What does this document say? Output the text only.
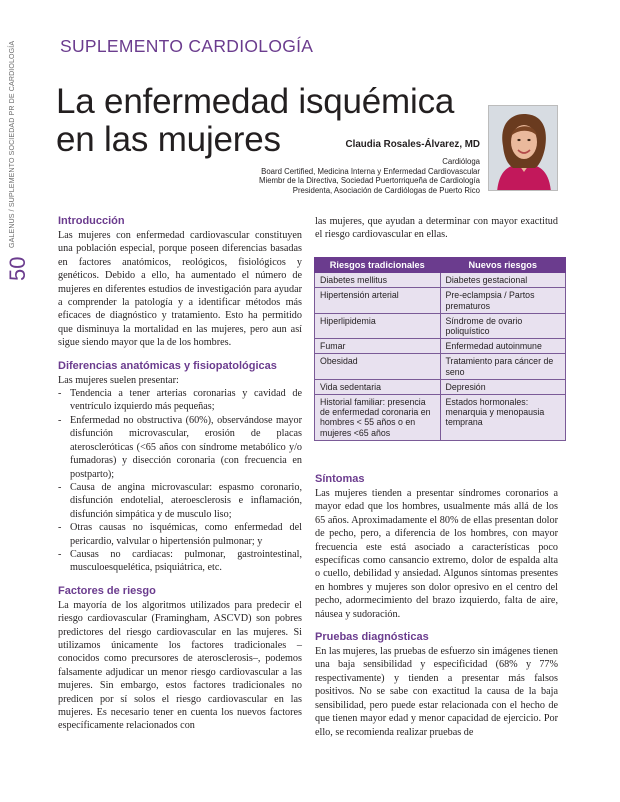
GALENUS / SUPLEMENTO SOCIEDAD PR DE CARDIOLOGÍA
50
SUPLEMENTO CARDIOLOGÍA
La enfermedad isquémica
en las mujeres	Claudia Rosales-Álvarez, MD
Cardióloga
Board Certified, Medicina Interna y Enfermedad Cardiovascular
Miembr de la Directiva, Sociedad Puertorriqueña de Cardiología
Presidenta, Asociación de Cardiólogas de Puerto Rico
Introducción

Las mujeres con enfermedad cardiovascular constituyen una población especial, porque poseen diferencias basadas en factores anatómicos, reológicos, fisiológicos y genéticos. Debido a ello, ha aumentado el número de mujeres en diferentes estudios de investigación para ayudar a comprender la patología y a identificar métodos más eficaces de diagnóstico y tratamiento. Esto ha permitido que disminuya la mortalidad en las mujeres, pero aun así sigue siendo mayor que la de los hombres.

Diferencias anatómicas y fisiopatológicas

Las mujeres suelen presentar:

- Tendencia a tener arterias coronarias y cavidad de ventrículo izquierdo más pequeñas;
- Enfermedad no obstructiva (60%), observándose mayor disfunción microvascular, erosión de placas ateroscleróticas (<65 años con síndrome metabólico y/o fumadoras) y disección coronaria (con frecuencia en postparto);
- Causa de angina microvascular: espasmo coronario, disfunción endotelial, ateroesclerosis e inflamación, disfunción simpática y de musculo liso;
- Otras causas no isquémicas, como enfermedad del pericardio, valvular o hipertensión pulmonar; y
- Causas no cardiacas: pulmonar, gastrointestinal, musculoesquelética, psiquiátrica, etc.
Factores de riesgo

La mayoría de los algoritmos utilizados para predecir el riesgo cardiovascular (Framingham, ASCVD) son pobres predictores del riesgo cardiovascular en las mujeres. Si utilizamos únicamente los factores tradicionales –conocidos como precursores de aterosclerosis–, podemos falsamente adjudicar un menor riesgo cardiovascular a las mujeres. Sin embargo, estos factores tradicionales no predicen por sí solos el riesgo cardiovascular en las mujeres. Es necesario tener en cuenta los nuevos factores específicamente relacionados con

las mujeres, que ayudan a determinar con mayor exactitud el riesgo cardiovascular en ellas.

Riesgos tradicionales	Nuevos riesgos
Diabetes mellitus	Diabetes gestacional
Hipertensión arterial	Pre-eclampsia / Partos prematuros
Hiperlipidemia	Síndrome de ovario poliquístico
Fumar	Enfermedad autoinmune
Obesidad	Tratamiento para cáncer de seno
Vida sedentaria	Depresión
Historial familiar: presencia de enfermedad coronaria en hombres < 55 años o en mujeres <65 años	Estados hormonales: menarquia y menopausia temprana
Síntomas

Las mujeres tienden a presentar síndromes coronarios a mayor edad que los hombres, usualmente más allá de los 65 años. Aproximadamente el 80% de ellas presentan dolor de pecho, pero, a diferencia de los hombres, con mayor frecuencia este está asociado a características poco específicas como cansancio extremo, dolor de espalda alta o cuello, debilidad y ansiedad. Algunos síntomas presentes en hombres y mujeres son dolor opresivo en el centro del pecho, adormecimiento del brazo izquierdo, falta de aire, náusea y sudoración.

Pruebas diagnósticas

En las mujeres, las pruebas de esfuerzo sin imágenes tienen una baja sensibilidad y especificidad (68% y 77% respectivamente) y tienden a presentar más falsos positivos. No se sabe con exactitud la causa de la baja sensibilidad, pero puede estar relacionada con el hecho de que tienen mayor edad y menor capacidad de ejercicio. Por ello, se recomienda realizar pruebas de
